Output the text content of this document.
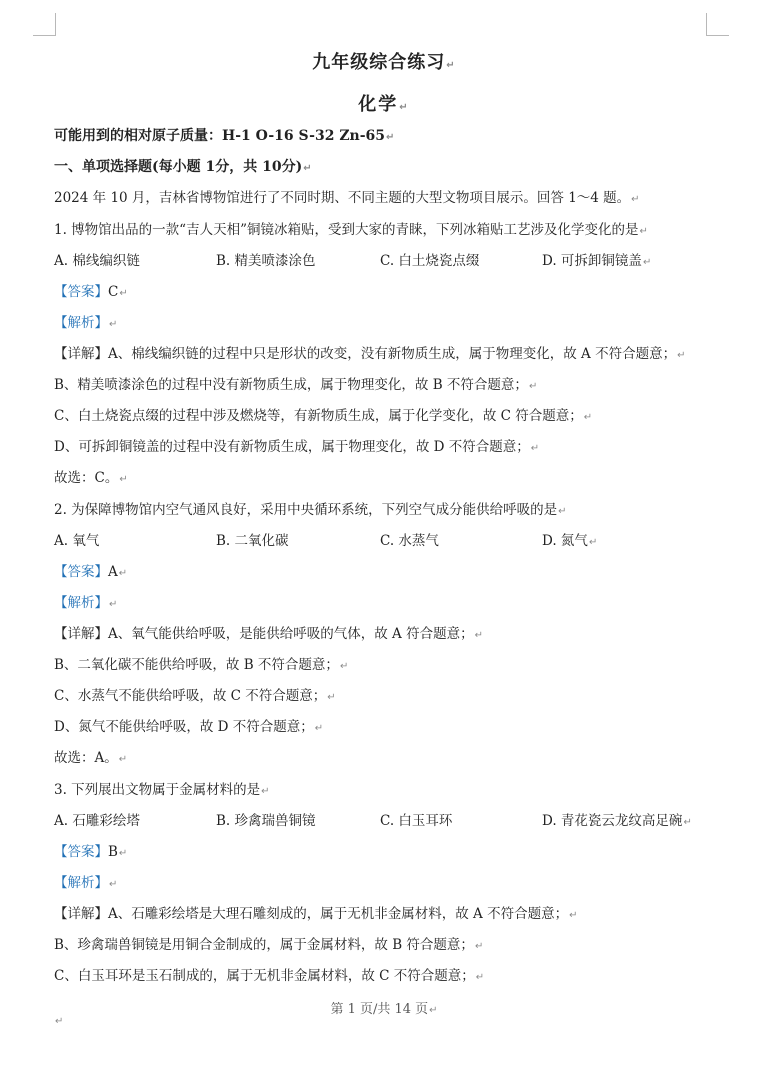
九年级综合练习↵
化学↵
可能用到的相对原子质量：H-1 O-16 S-32 Zn-65↵
一、单项选择题(每小题 1分，共 10分)↵
2024 年 10 月，吉林省博物馆进行了不同时期、不同主题的大型文物项目展示。回答 1～4 题。↵
1. 博物馆出品的一款“吉人天相”铜镜冰箱贴，受到大家的青睐，下列冰箱贴工艺涉及化学变化的是↵
A. 棉线编织链	B. 精美喷漆涂色	C. 白土烧瓷点缀	D. 可拆卸铜镜盖↵
【答案】C↵
【解析】↵
【详解】A、棉线编织链的过程中只是形状的改变，没有新物质生成，属于物理变化，故 A 不符合题意；↵
B、精美喷漆涂色的过程中没有新物质生成，属于物理变化，故 B 不符合题意；↵
C、白土烧瓷点缀的过程中涉及燃烧等，有新物质生成，属于化学变化，故 C 符合题意；↵
D、可拆卸铜镜盖的过程中没有新物质生成，属于物理变化，故 D 不符合题意；↵
故选：C。↵
2. 为保障博物馆内空气通风良好，采用中央循环系统，下列空气成分能供给呼吸的是↵
A. 氧气	B. 二氧化碳	C. 水蒸气	D. 氮气↵
【答案】A↵
【解析】↵
【详解】A、氧气能供给呼吸，是能供给呼吸的气体，故 A 符合题意；↵
B、二氧化碳不能供给呼吸，故 B 不符合题意；↵
C、水蒸气不能供给呼吸，故 C 不符合题意；↵
D、氮气不能供给呼吸，故 D 不符合题意；↵
故选：A。↵
3. 下列展出文物属于金属材料的是↵
A. 石雕彩绘塔	B. 珍禽瑞兽铜镜	C. 白玉耳环	D. 青花瓷云龙纹高足碗↵
【答案】B↵
【解析】↵
【详解】A、石雕彩绘塔是大理石雕刻成的，属于无机非金属材料，故 A 不符合题意；↵
B、珍禽瑞兽铜镜是用铜合金制成的，属于金属材料，故 B 符合题意；↵
C、白玉耳环是玉石制成的，属于无机非金属材料，故 C 不符合题意；↵
第 1 页/共 14 页↵
↵
